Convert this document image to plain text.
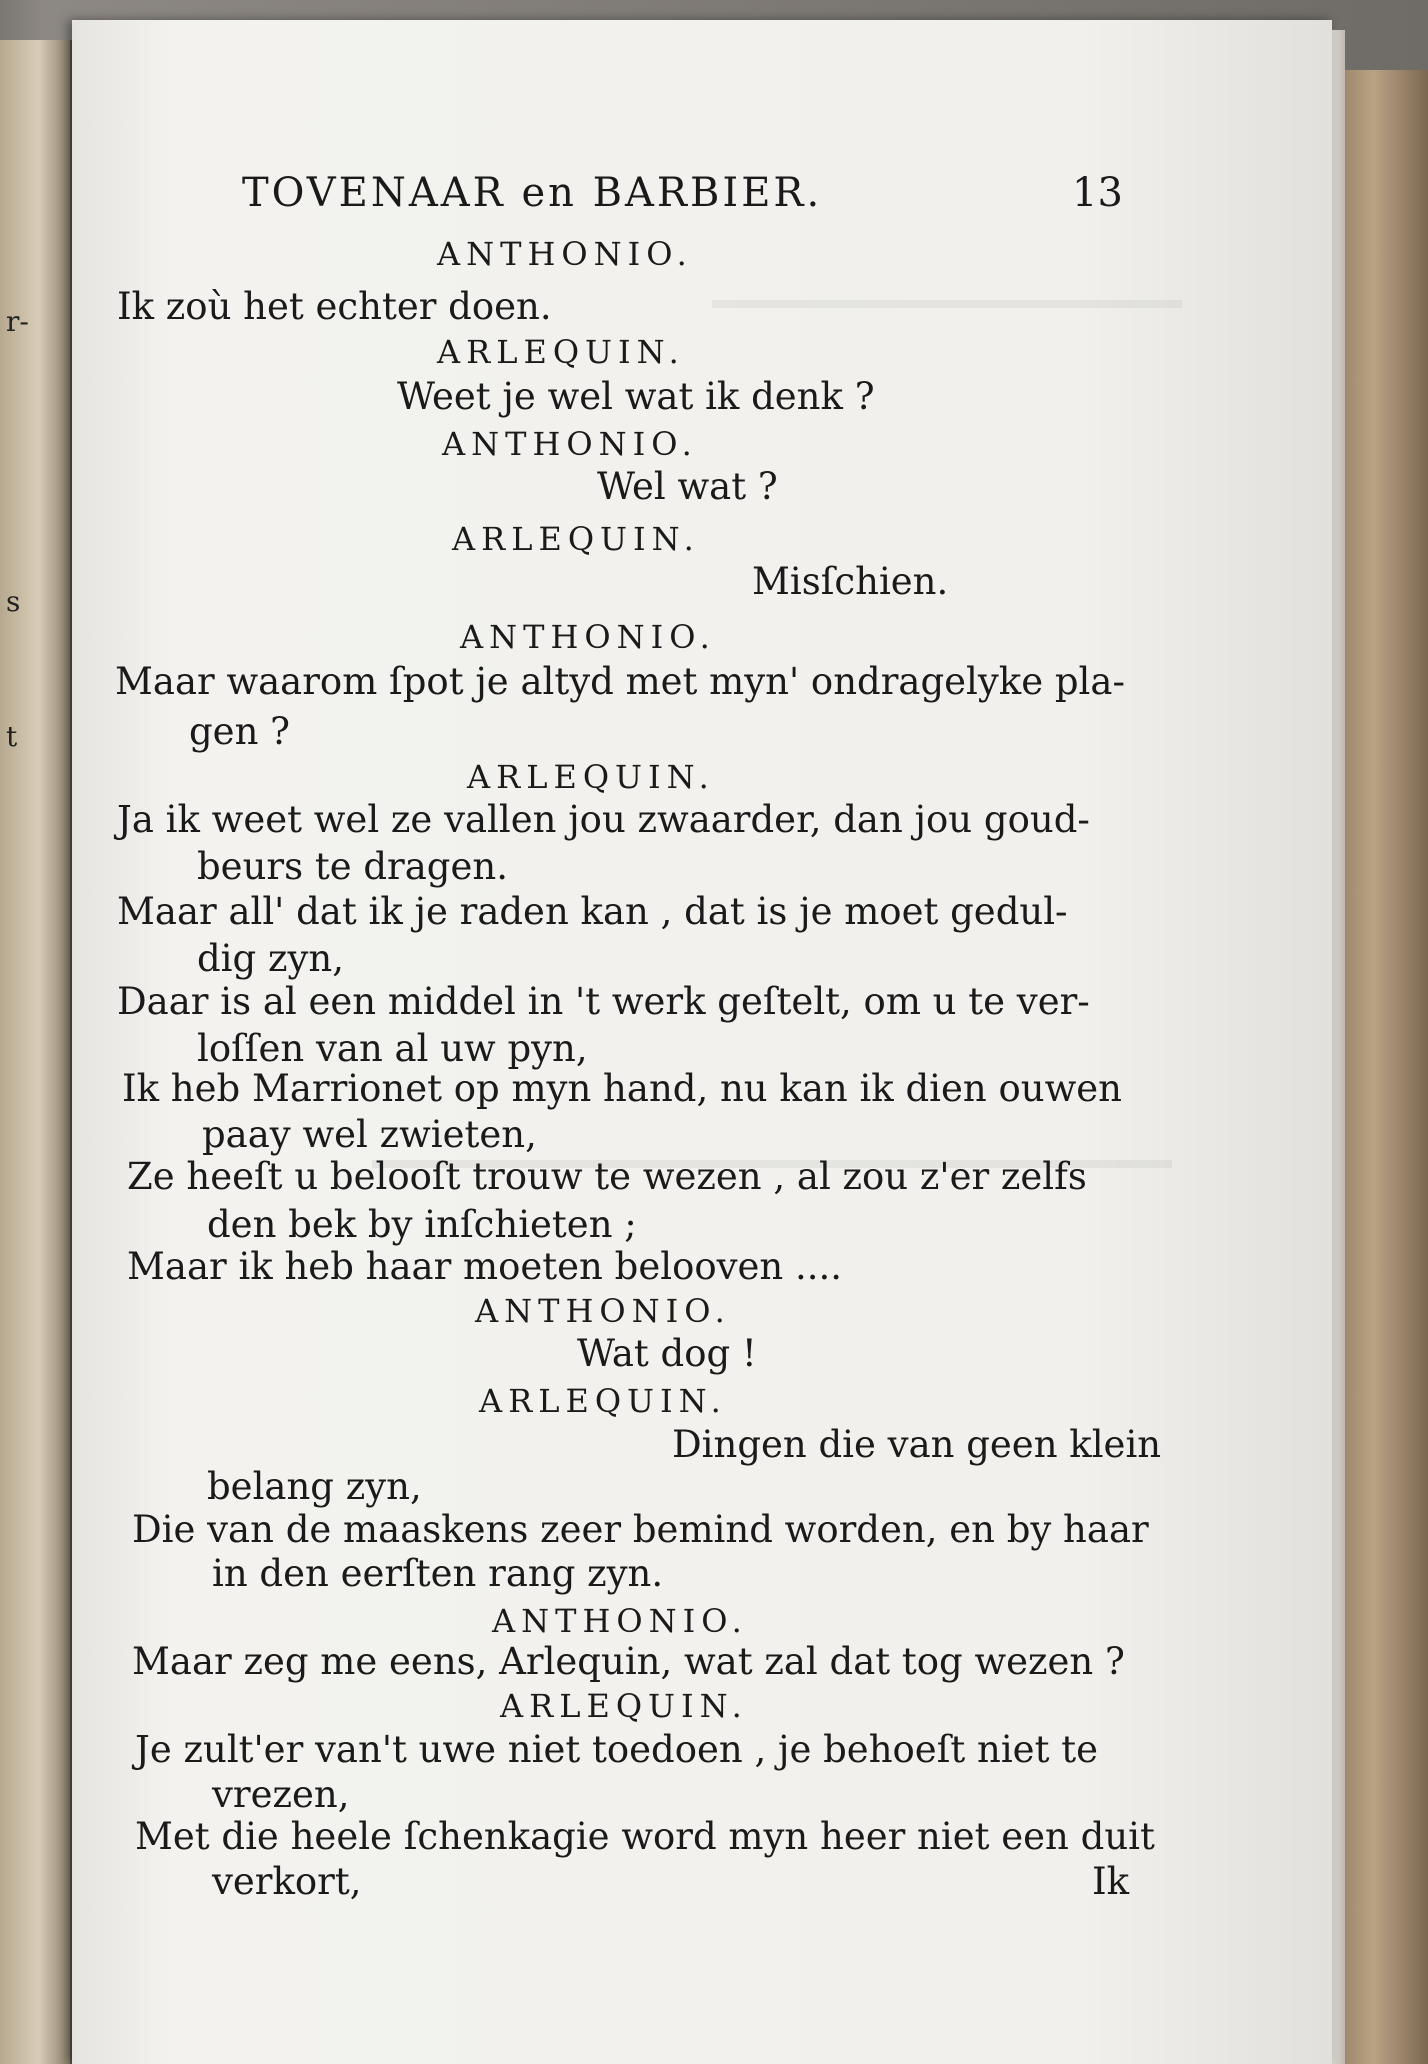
r-
s
t
TOVENAAR en BARBIER.	13
ANTHONIO.
Ik zoù het echter doen.
ARLEQUIN.
Weet je wel wat ik denk ?
ANTHONIO.
Wel wat ?
ARLEQUIN.
Misſchien.
ANTHONIO.
Maar waarom ſpot je altyd met myn' ondragelyke pla-
gen ?
ARLEQUIN.
Ja ik weet wel ze vallen jou zwaarder, dan jou goud-
beurs te dragen.
Maar all' dat ik je raden kan , dat is je moet gedul-
dig zyn,
Daar is al een middel in 't werk geſtelt, om u te ver-
loſſen van al uw pyn,
Ik heb Marrionet op myn hand, nu kan ik dien ouwen
paay wel zwieten,
Ze heeſt u belooſt trouw te wezen , al zou z'er zelfs
den bek by inſchieten ;
Maar ik heb haar moeten belooven ....
ANTHONIO.
Wat dog !
ARLEQUIN.
Dingen die van geen klein
belang zyn,
Die van de maaskens zeer bemind worden, en by haar
in den eerſten rang zyn.
ANTHONIO.
Maar zeg me eens, Arlequin, wat zal dat tog wezen ?
ARLEQUIN.
Je zult'er van't uwe niet toedoen , je behoeſt niet te
vrezen,
Met die heele ſchenkagie word myn heer niet een duit
verkort,	Ik
